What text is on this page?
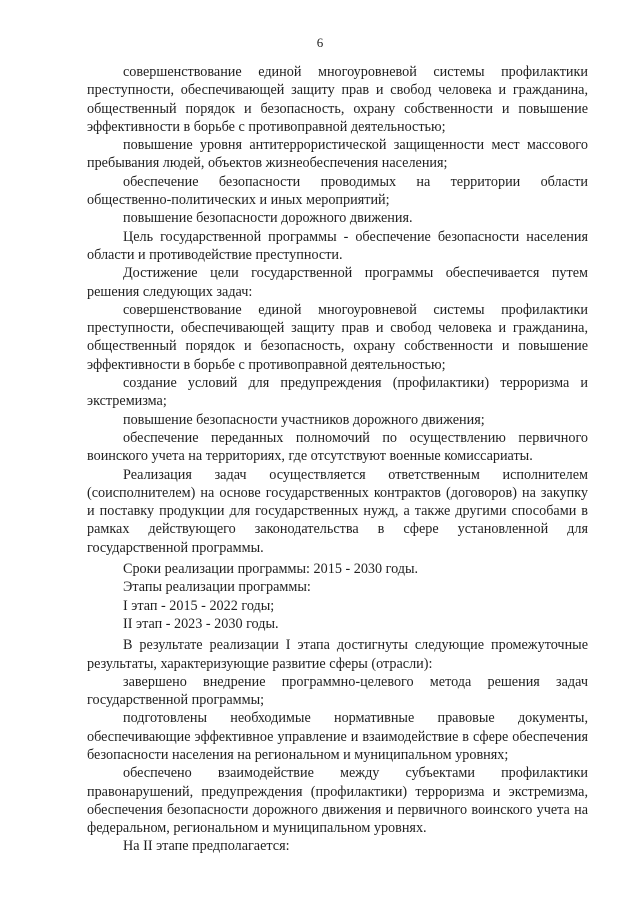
6

совершенствование единой многоуровневой системы профилактики преступности, обеспечивающей защиту прав и свобод человека и гражданина, общественный порядок и безопасность, охрану собственности и повышение эффективности в борьбе с противоправной деятельностью;

повышение уровня антитеррористической защищенности мест массового пребывания людей, объектов жизнеобеспечения населения;

обеспечение безопасности проводимых на территории области общественно-политических и иных мероприятий;

повышение безопасности дорожного движения.

Цель государственной программы - обеспечение безопасности населения области и противодействие преступности.

Достижение цели государственной программы обеспечивается путем решения следующих задач:

совершенствование единой многоуровневой системы профилактики преступности, обеспечивающей защиту прав и свобод человека и гражданина, общественный порядок и безопасность, охрану собственности и повышение эффективности в борьбе с противоправной деятельностью;

создание условий для предупреждения (профилактики) терроризма и экстремизма;

повышение безопасности участников дорожного движения;

обеспечение переданных полномочий по осуществлению первичного воинского учета на территориях, где отсутствуют военные комиссариаты.

Реализация задач осуществляется ответственным исполнителем (соисполнителем) на основе государственных контрактов (договоров) на закупку и поставку продукции для государственных нужд, а также другими способами в рамках действующего законодательства в сфере установленной для государственной программы.

Сроки реализации программы: 2015 - 2030 годы.

Этапы реализации программы:

I этап - 2015 - 2022 годы;

II этап - 2023 - 2030 годы.

В результате реализации I этапа достигнуты следующие промежуточные результаты, характеризующие развитие сферы (отрасли):

завершено внедрение программно-целевого метода решения задач государственной программы;

подготовлены необходимые нормативные правовые документы, обеспечивающие эффективное управление и взаимодействие в сфере обеспечения безопасности населения на региональном и муниципальном уровнях;

обеспечено взаимодействие между субъектами профилактики правонарушений, предупреждения (профилактики) терроризма и экстремизма, обеспечения безопасности дорожного движения и первичного воинского учета на федеральном, региональном и муниципальном уровнях.

На II этапе предполагается:
